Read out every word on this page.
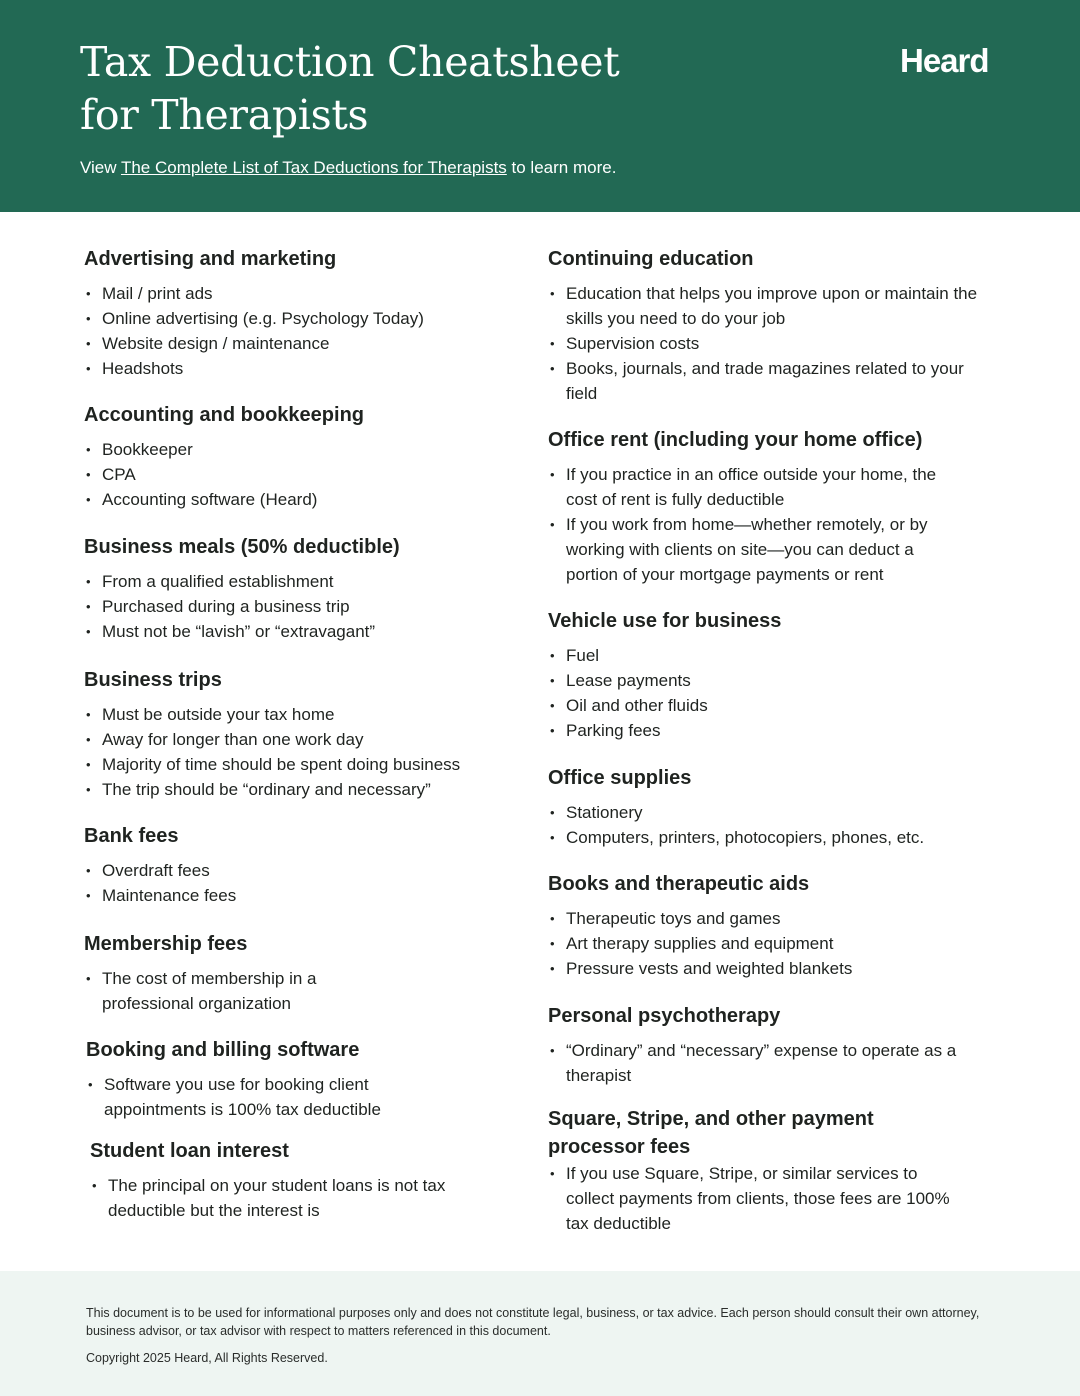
Tax Deduction Cheatsheet
for Therapists
Heard

View The Complete List of Tax Deductions for Therapists to learn more.

Advertising and marketing
• Mail / print ads
• Online advertising (e.g. Psychology Today)
• Website design / maintenance
• Headshots
Accounting and bookkeeping
• Bookkeeper
• CPA
• Accounting software (Heard)
Business meals (50% deductible)
• From a qualified establishment
• Purchased during a business trip
• Must not be “lavish” or “extravagant”
Business trips
• Must be outside your tax home
• Away for longer than one work day
• Majority of time should be spent doing business
• The trip should be “ordinary and necessary”
Bank fees
• Overdraft fees
• Maintenance fees
Membership fees
• The cost of membership in a professional organization
Booking and billing software
• Software you use for booking client appointments is 100% tax deductible
Student loan interest
• The principal on your student loans is not tax deductible but the interest is
Continuing education
• Education that helps you improve upon or maintain the skills you need to do your job
• Supervision costs
• Books, journals, and trade magazines related to your field
Office rent (including your home office)
• If you practice in an office outside your home, the cost of rent is fully deductible
• If you work from home—whether remotely, or by working with clients on site—you can deduct a portion of your mortgage payments or rent
Vehicle use for business
• Fuel
• Lease payments
• Oil and other fluids
• Parking fees
Office supplies
• Stationery
• Computers, printers, photocopiers, phones, etc.
Books and therapeutic aids
• Therapeutic toys and games
• Art therapy supplies and equipment
• Pressure vests and weighted blankets
Personal psychotherapy
• “Ordinary” and “necessary” expense to operate as a therapist
Square, Stripe, and other payment processor fees
• If you use Square, Stripe, or similar services to collect payments from clients, those fees are 100% tax deductible

This document is to be used for informational purposes only and does not constitute legal, business, or tax advice. Each person should consult their own attorney, business advisor, or tax advisor with respect to matters referenced in this document.

Copyright 2025 Heard, All Rights Reserved.
